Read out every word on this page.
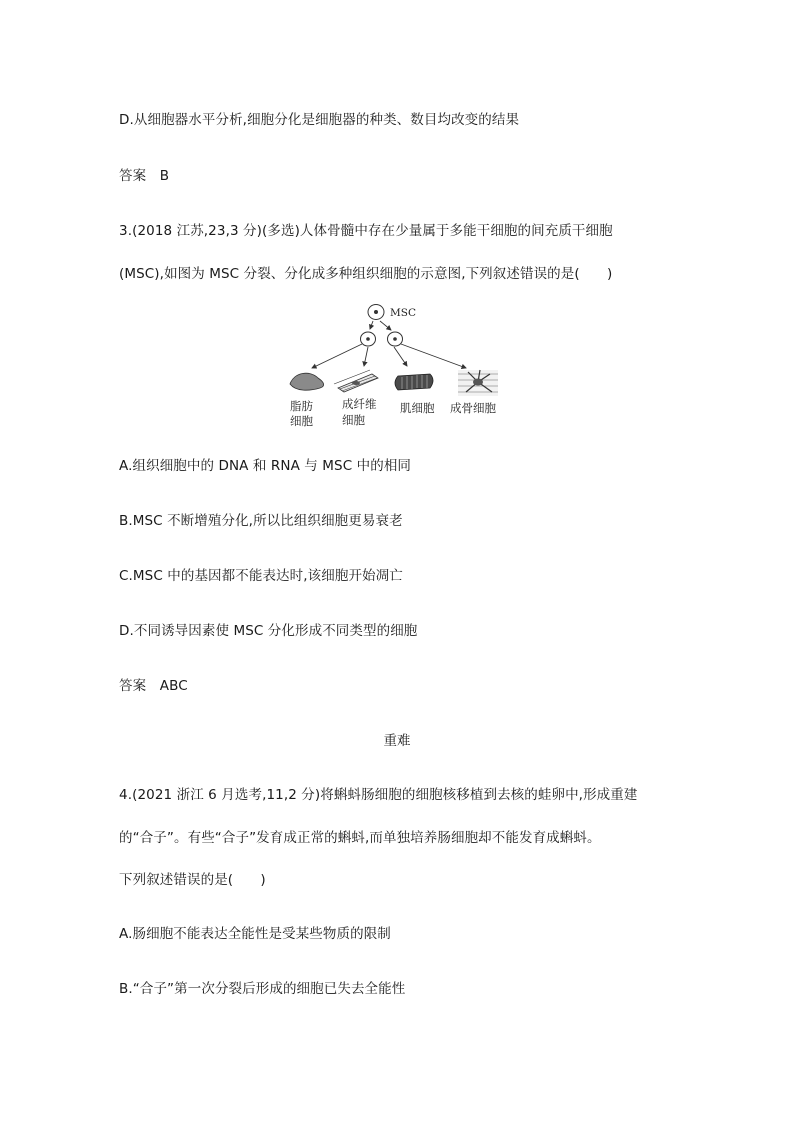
D.从细胞器水平分析,细胞分化是细胞器的种类、数目均改变的结果
答案　B
3.(2018 江苏,23,3 分)(多选)人体骨髓中存在少量属于多能干细胞的间充质干细胞
(MSC),如图为 MSC 分裂、分化成多种组织细胞的示意图,下列叙述错误的是(　　)
MSC
脂肪
细胞
成纤维
细胞
肌细胞 成骨细胞
A.组织细胞中的 DNA 和 RNA 与 MSC 中的相同
B.MSC 不断增殖分化,所以比组织细胞更易衰老
C.MSC 中的基因都不能表达时,该细胞开始凋亡
D.不同诱导因素使 MSC 分化形成不同类型的细胞
答案　ABC
重难
4.(2021 浙江 6 月选考,11,2 分)将蝌蚪肠细胞的细胞核移植到去核的蛙卵中,形成重建
的“合子”。有些“合子”发育成正常的蝌蚪,而单独培养肠细胞却不能发育成蝌蚪。
下列叙述错误的是(　　)
A.肠细胞不能表达全能性是受某些物质的限制
B.“合子”第一次分裂后形成的细胞已失去全能性
